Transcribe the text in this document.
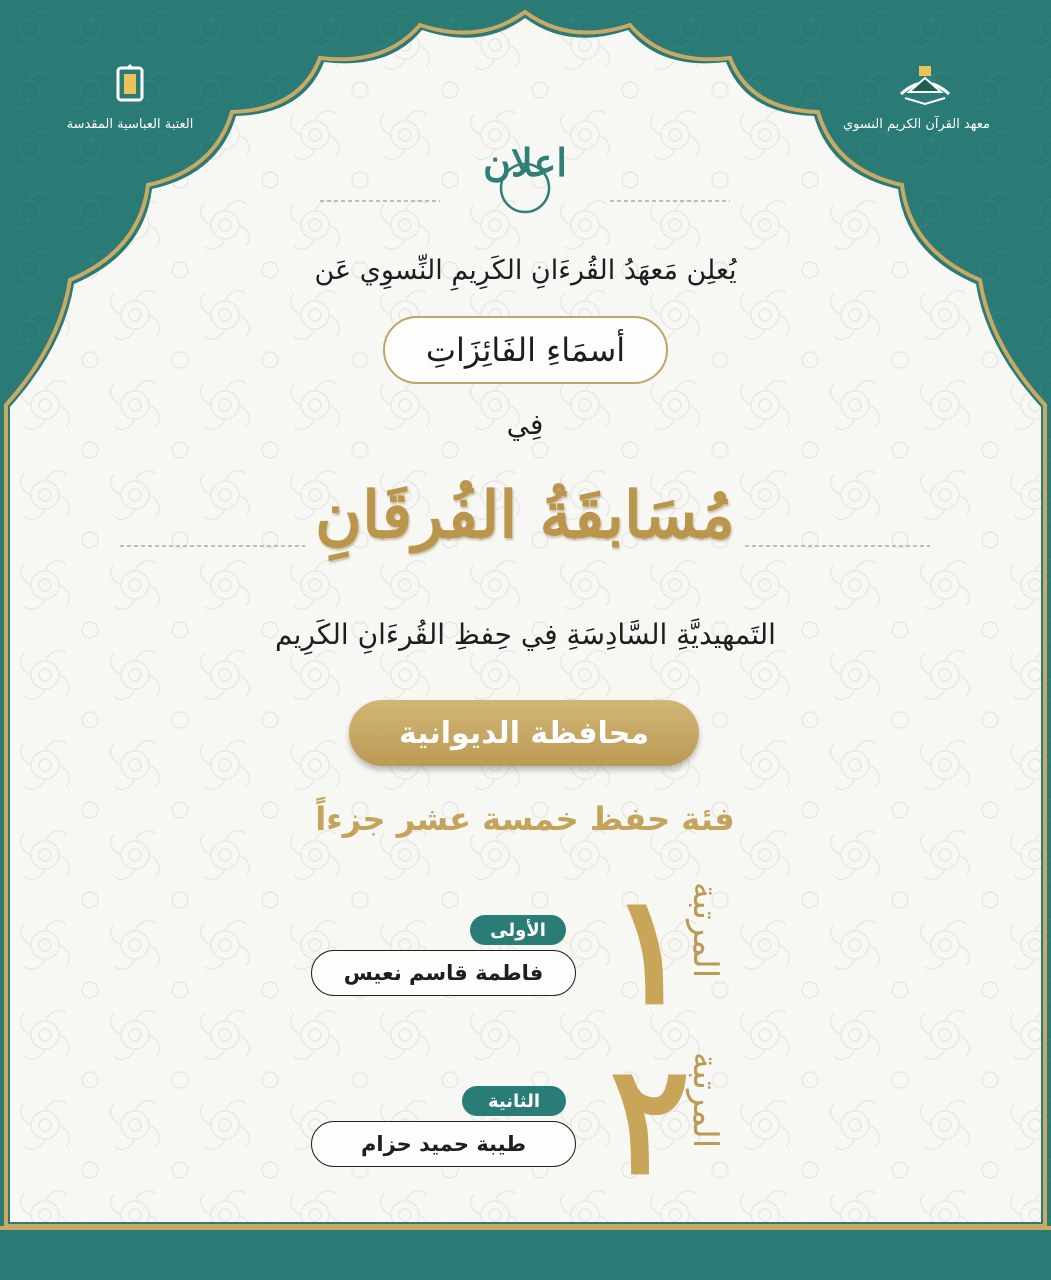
معهد القرآن الكريم النسوي
العتبة العباسية المقدسة
اعلان
يُعلِن مَعهَدُ القُرءَانِ الكَرِيمِ النِّسوِي عَن
أسمَاءِ الفَائِزَاتِ
فِي
مُسَابقَةُ الفُرقَانِ
التَمهيديَّةِ السَّادِسَةِ فِي حِفظِ القُرءَانِ الكَرِيم
محافظة الديوانية
فئة حفظ خمسة عشر جزءاً
المرتبة
١
الأولى
فاطمة قاسم نعيس
المرتبة
٢
الثانية
طيبة حميد حزام
